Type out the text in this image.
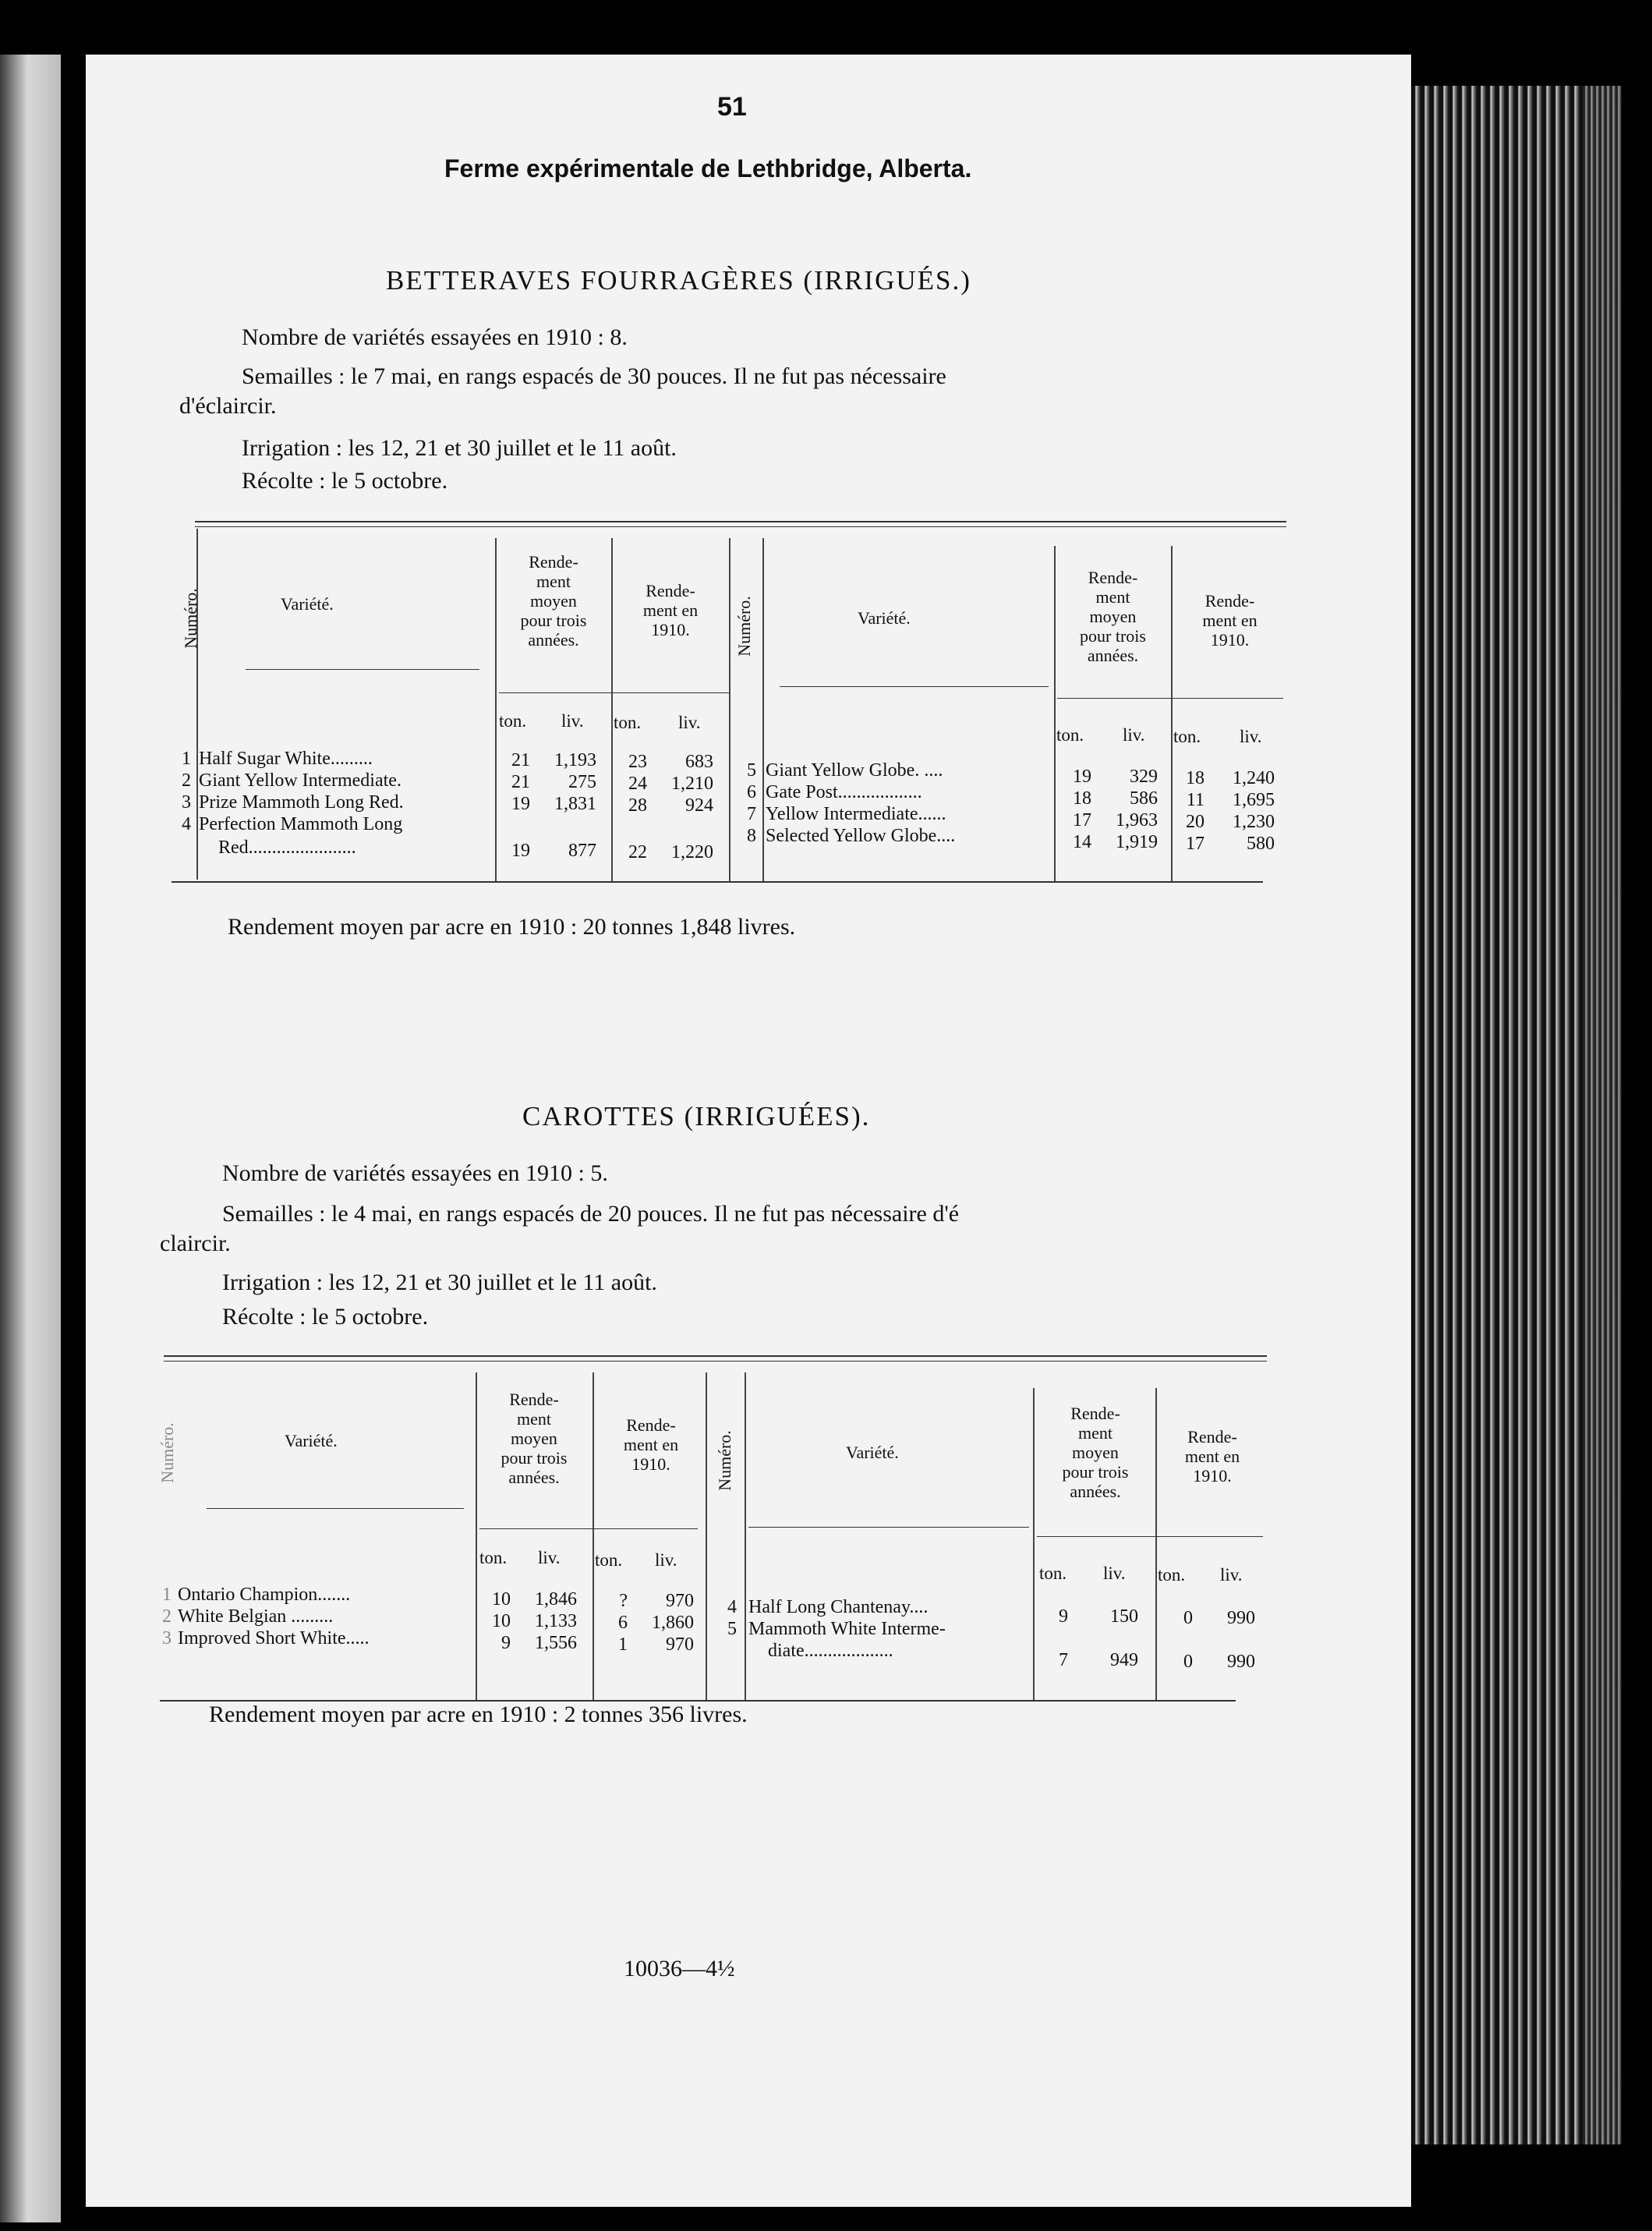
51
Ferme expérimentale de Lethbridge, Alberta.
BETTERAVES FOURRAGÈRES (IRRIGUÉS.)
Nombre de variétés essayées en 1910 : 8.
Semailles : le 7 mai, en rangs espacés de 30 pouces. Il ne fut pas nécessaire
d'éclaircir.
Irrigation : les 12, 21 et 30 juillet et le 11 août.
Récolte : le 5 octobre.
Numéro.	Variété.
Rende-
ment
moyen
pour trois
années.
Rende-
ment en
1910.	Numéro.	Variété.
Rende-
ment
moyen
pour trois
années.
Rende-
ment en
1910.
ton. liv. ton. liv.
ton. liv. ton. liv.
1 Half Sugar White.........	21	1,193	23	683
2 Giant Yellow Intermediate.	21	275	24	1,210
3 Prize Mammoth Long Red.	19	1,831	28	924
4 Perfection Mammoth Long
Red.......................	19	877	22	1,220
5 Giant Yellow Globe. ....	19	329	18	1,240
6 Gate Post..................	18	586	11	1,695
7 Yellow Intermediate......	17	1,963	20	1,230
8 Selected Yellow Globe....	14	1,919	17	580
Rendement moyen par acre en 1910 : 20 tonnes 1,848 livres.
CAROTTES (IRRIGUÉES).
Nombre de variétés essayées en 1910 : 5.
Semailles : le 4 mai, en rangs espacés de 20 pouces. Il ne fut pas nécessaire d'é
claircir.
Irrigation : les 12, 21 et 30 juillet et le 11 août.
Récolte : le 5 octobre.
Numéro.	Variété.
Rende-
ment
moyen
pour trois
années.
Rende-
ment en
1910.	Numéro.	Variété.
Rende-
ment
moyen
pour trois
années.
Rende-
ment en
1910.
ton. liv. ton. liv.
ton. liv. ton. liv.
1 Ontario Champion.......	10	1,846	?	970
2 White Belgian .........	10	1,133	6	1,860
3 Improved Short White.....	9	1,556	1	970
4 Half Long Chantenay....	9	150	0	990
5 Mammoth White Interme-
diate...................	7	949	0	990
Rendement moyen par acre en 1910 : 2 tonnes 356 livres.
10036—4½
